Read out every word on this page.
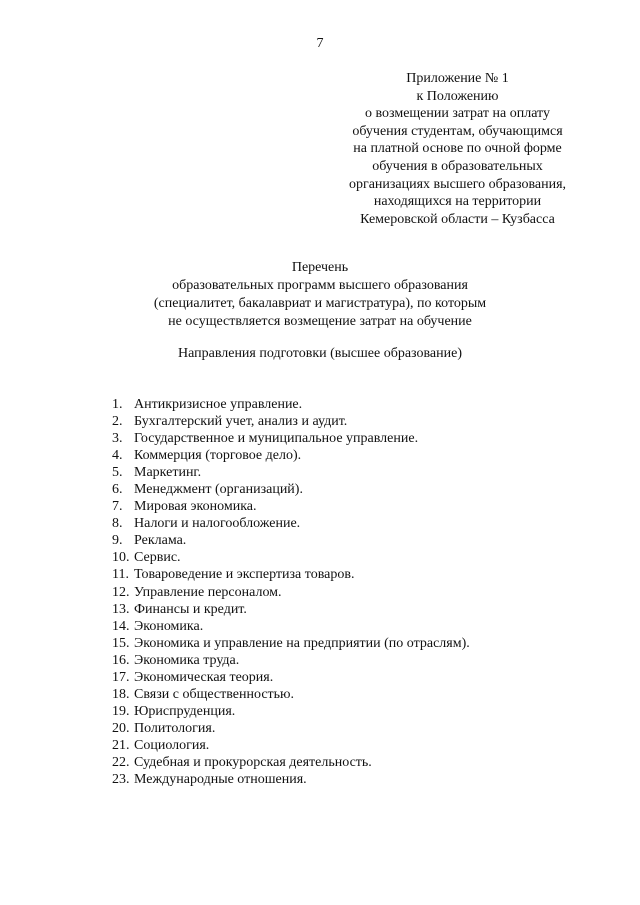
7
Приложение № 1
к Положению
о возмещении затрат на оплату
обучения студентам, обучающимся
на платной основе по очной форме
обучения в образовательных
организациях высшего образования,
находящихся на территории
Кемеровской области – Кузбасса
Перечень
образовательных программ высшего образования
(специалитет, бакалавриат и магистратура), по которым
не осуществляется возмещение затрат на обучение
Направления подготовки (высшее образование)
1. Антикризисное управление.
2. Бухгалтерский учет, анализ и аудит.
3. Государственное и муниципальное управление.
4. Коммерция (торговое дело).
5. Маркетинг.
6. Менеджмент (организаций).
7. Мировая экономика.
8. Налоги и налогообложение.
9. Реклама.
10. Сервис.
11. Товароведение и экспертиза товаров.
12. Управление персоналом.
13. Финансы и кредит.
14. Экономика.
15. Экономика и управление на предприятии (по отраслям).
16. Экономика труда.
17. Экономическая теория.
18. Связи с общественностью.
19. Юриспруденция.
20. Политология.
21. Социология.
22. Судебная и прокурорская деятельность.
23. Международные отношения.
